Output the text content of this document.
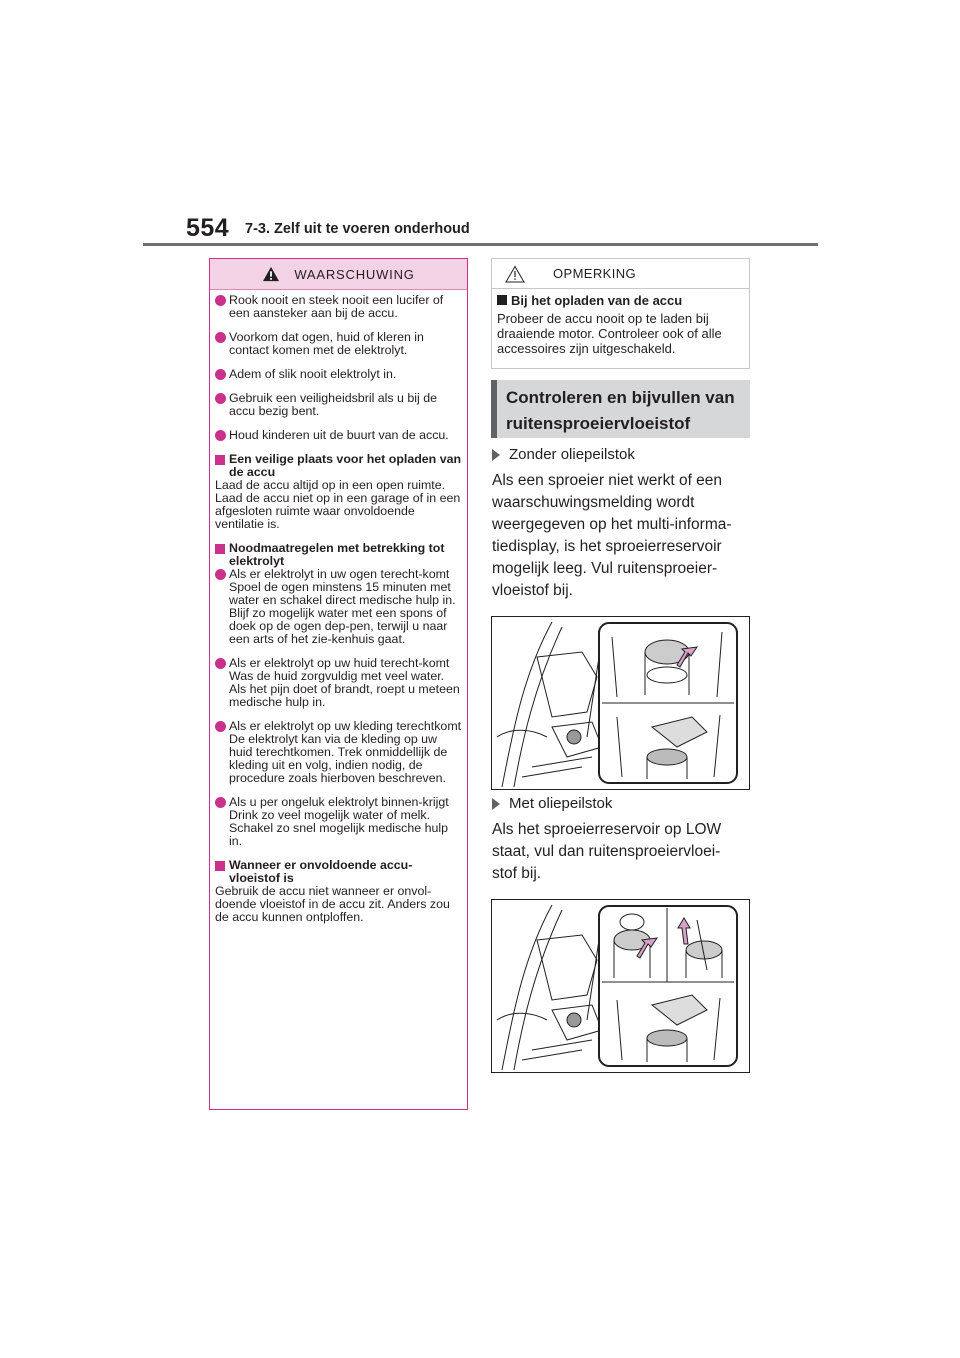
554 7-3. Zelf uit te voeren onderhoud
WAARSCHUWING
Rook nooit en steek nooit een lucifer of een aansteker aan bij de accu.
Voorkom dat ogen, huid of kleren in contact komen met de elektrolyt.
Adem of slik nooit elektrolyt in.
Gebruik een veiligheidsbril als u bij de accu bezig bent.
Houd kinderen uit de buurt van de accu.
Een veilige plaats voor het opladen van de accu

Laad de accu altijd op in een open ruimte. Laad de accu niet op in een garage of in een afgesloten ruimte waar onvoldoende ventilatie is.

Noodmaatregelen met betrekking tot elektrolyt
Als er elektrolyt in uw ogen terecht-komt
Spoel de ogen minstens 15 minuten met water en schakel direct medische hulp in. Blijf zo mogelijk water met een spons of doek op de ogen dep-pen, terwijl u naar een arts of het zie-kenhuis gaat.
Als er elektrolyt op uw huid terecht-komt
Was de huid zorgvuldig met veel water. Als het pijn doet of brandt, roept u meteen medische hulp in.
Als er elektrolyt op uw kleding terechtkomt
De elektrolyt kan via de kleding op uw huid terechtkomen. Trek onmiddellijk de kleding uit en volg, indien nodig, de procedure zoals hierboven beschreven.
Als u per ongeluk elektrolyt binnen-krijgt
Drink zo veel mogelijk water of melk. Schakel zo snel mogelijk medische hulp in.
Wanneer er onvoldoende accu-vloeistof is

Gebruik de accu niet wanneer er onvol-doende vloeistof in de accu zit. Anders zou de accu kunnen ontploffen.

OPMERKING
Bij het opladen van de accu

Probeer de accu nooit op te laden bij draaiende motor. Controleer ook of alle accessoires zijn uitgeschakeld.

Controleren en bijvullen van
ruitensproeiervloeistof
Zonder oliepeilstok
Als een sproeier niet werkt of een
waarschuwingsmelding wordt
weergegeven op het multi-informa-
tiedisplay, is het sproeierreservoir
mogelijk leeg. Vul ruitensproeier-
vloeistof bij.
Met oliepeilstok
Als het sproeierreservoir op LOW
staat, vul dan ruitensproeiervloei-
stof bij.
